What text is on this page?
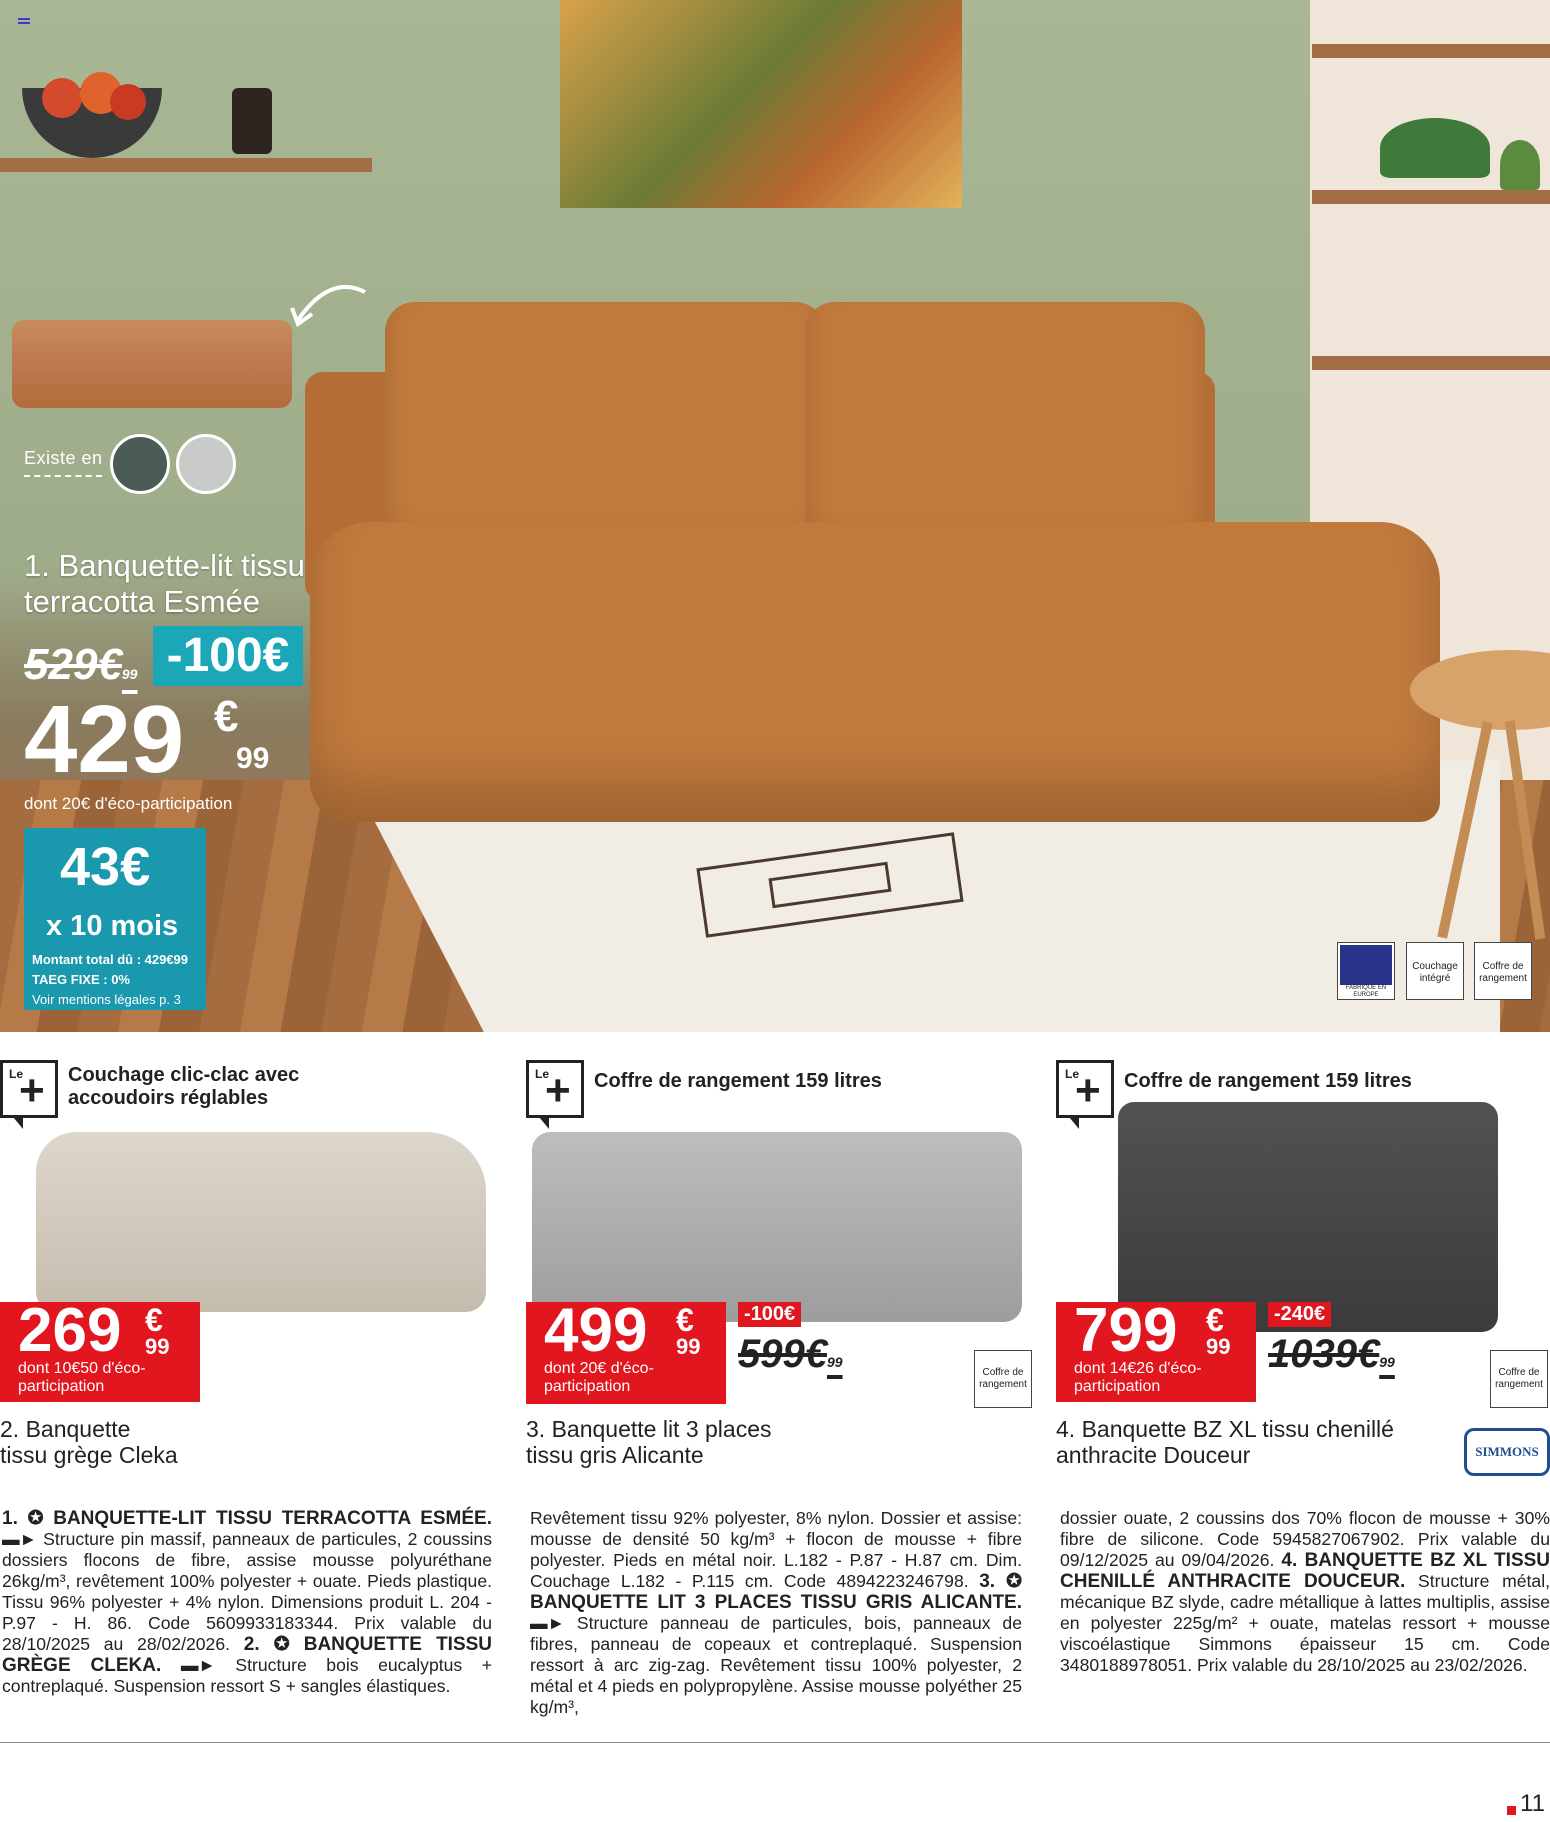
Existe en
1. Banquette-lit tissu
terracotta Esmée
529€99 -100€
429 €
99
dont 20€ d'éco-participation
43€
x 10 mois
Montant total dû : 429€99
TAEG FIXE : 0%
Voir mentions légales p. 3
FABRIQUÉ EN EUROPE
Couchage intégré
Coffre de rangement
Le
+ Couchage clic-clac avec accoudoirs réglables
269 €
99
dont 10€50 d'éco-participation
2. Banquette
tissu grège Cleka
Le
+ Coffre de rangement 159 litres
499 €
99
dont 20€ d'éco-participation
-100€
599€99
Coffre de rangement
3. Banquette lit 3 places
tissu gris Alicante
Le
+ Coffre de rangement 159 litres
799 €
99
dont 14€26 d'éco-participation
-240€
1039€99
Coffre de rangement
4. Banquette BZ XL tissu chenillé
anthracite Douceur	SIMMONS
1. ✪ BANQUETTE-LIT TISSU TERRACOTTA ESMÉE. ▬► Structure pin massif, panneaux de particules, 2 coussins dossiers flocons de fibre, assise mousse polyuréthane 26kg/m³, revêtement 100% polyester + ouate. Pieds plastique. Tissu 96% polyester + 4% nylon. Dimensions produit L. 204 - P.97 - H. 86. Code 5609933183344. Prix valable du 28/10/2025 au 28/02/2026. 2. ✪ BANQUETTE TISSU GRÈGE CLEKA. ▬► Structure bois eucalyptus + contreplaqué. Suspension ressort S + sangles élastiques.
Revêtement tissu 92% polyester, 8% nylon. Dossier et assise: mousse de densité 50 kg/m³ + flocon de mousse + fibre polyester. Pieds en métal noir. L.182 - P.87 - H.87 cm. Dim. Couchage L.182 - P.115 cm. Code 4894223246798. 3. ✪ BANQUETTE LIT 3 PLACES TISSU GRIS ALICANTE. ▬► Structure panneau de particules, bois, panneaux de fibres, panneau de copeaux et contreplaqué. Suspension ressort à arc zig-zag. Revêtement tissu 100% polyester, 2 métal et 4 pieds en polypropylène. Assise mousse polyéther 25 kg/m³,
dossier ouate, 2 coussins dos 70% flocon de mousse + 30% fibre de silicone. Code 5945827067902. Prix valable du 09/12/2025 au 09/04/2026. 4. BANQUETTE BZ XL TISSU CHENILLÉ ANTHRACITE DOUCEUR. Structure métal, mécanique BZ slyde, cadre métallique à lattes multiplis, assise en polyester 225g/m² + ouate, matelas ressort + mousse viscoélastique Simmons épaisseur 15 cm. Code 3480188978051. Prix valable du 28/10/2025 au 23/02/2026.
11
